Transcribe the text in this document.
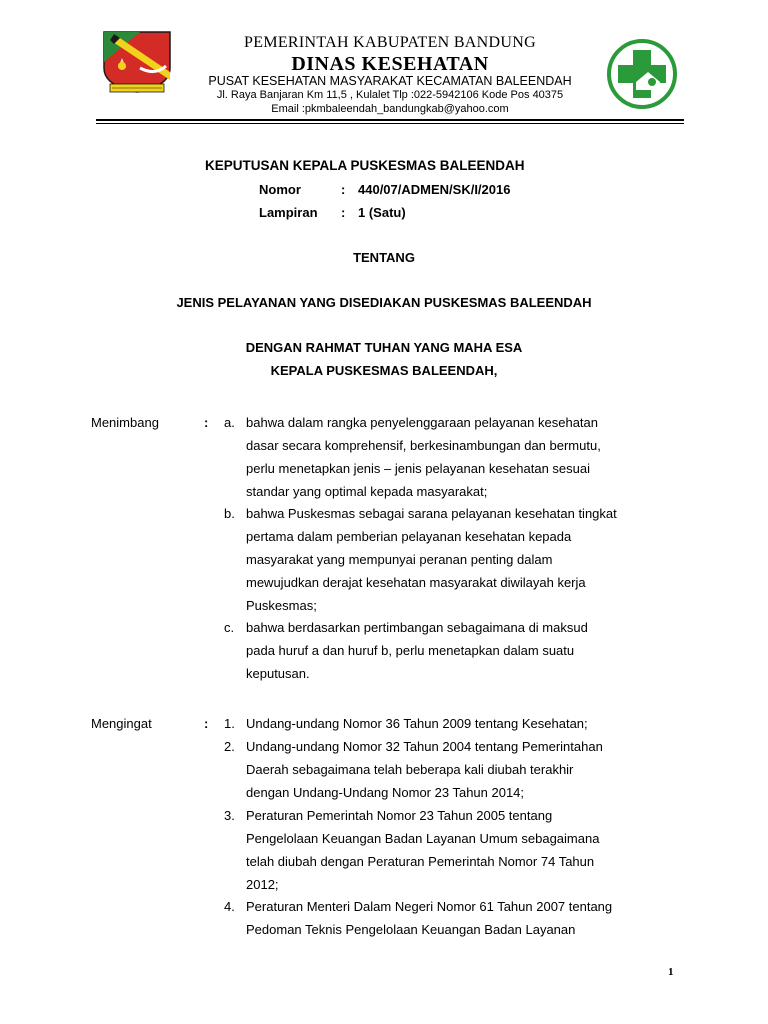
PEMERINTAH KABUPATEN BANDUNG
DINAS KESEHATAN
PUSAT KESEHATAN MASYARAKAT KECAMATAN BALEENDAH
Jl. Raya Banjaran Km 11,5 , Kulalet Tlp :022-5942106 Kode Pos 40375
Email :pkmbaleendah_bandungkab@yahoo.com
KEPUTUSAN KEPALA PUSKESMAS BALEENDAH
Nomor	: 440/07/ADMEN/SK/I/2016
Lampiran : 1 (Satu)
TENTANG
JENIS PELAYANAN YANG DISEDIAKAN PUSKESMAS BALEENDAH
DENGAN RAHMAT TUHAN YANG MAHA ESA
KEPALA PUSKESMAS BALEENDAH,
Menimbang	: a. bahwa dalam rangka penyelenggaraan pelayanan kesehatan
dasar secara komprehensif, berkesinambungan dan bermutu,
perlu menetapkan jenis – jenis pelayanan kesehatan sesuai
standar yang optimal kepada masyarakat;
b. bahwa Puskesmas sebagai sarana pelayanan kesehatan tingkat
pertama dalam pemberian pelayanan kesehatan kepada
masyarakat yang mempunyai peranan penting dalam
mewujudkan derajat kesehatan masyarakat diwilayah kerja
Puskesmas;
c. bahwa berdasarkan pertimbangan sebagaimana di maksud
pada huruf a dan huruf b, perlu menetapkan dalam suatu
keputusan.
Mengingat	: 1. Undang-undang Nomor 36 Tahun 2009 tentang Kesehatan;
2. Undang-undang Nomor 32 Tahun 2004 tentang Pemerintahan
Daerah sebagaimana telah beberapa kali diubah terakhir
dengan Undang-Undang Nomor 23 Tahun 2014;
3. Peraturan Pemerintah Nomor 23 Tahun 2005 tentang
Pengelolaan Keuangan Badan Layanan Umum sebagaimana
telah diubah dengan Peraturan Pemerintah Nomor 74 Tahun
2012;
4. Peraturan Menteri Dalam Negeri Nomor 61 Tahun 2007 tentang
Pedoman Teknis Pengelolaan Keuangan Badan Layanan
1
